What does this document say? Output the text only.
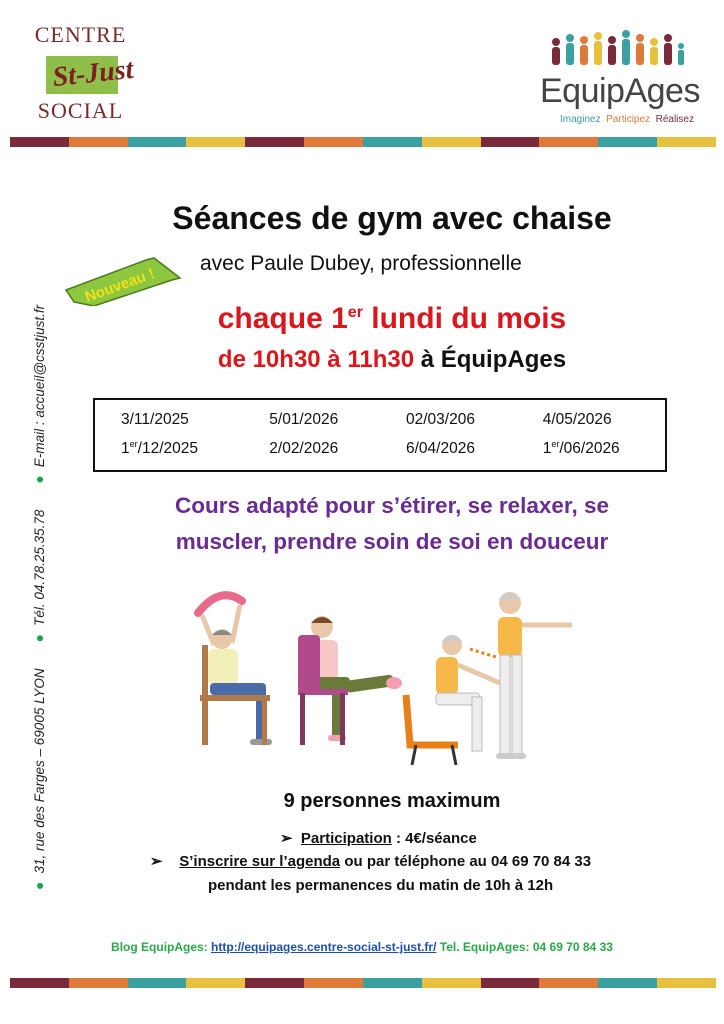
CENTRE
St-Just
SOCIAL
EquipAges
Imaginez Participez Réalisez
●
31, rue des Farges – 69005 LYON
●
Tél. 04.78.25.35.78
●
E-mail : accueil@csstjust.fr
Séances de gym avec chaise
avec Paule Dubey, professionnelle
Nouveau !
chaque 1er lundi du mois
de 10h30 à 11h30 à ÉquipAges
3/11/2025	5/01/2026	02/03/206	4/05/2026
1er/12/2025	2/02/2026	6/04/2026	1er/06/2026
Cours adapté pour s’étirer, se relaxer, se
muscler, prendre soin de soi en douceur
9 personnes maximum
➢ Participation : 4€/séance
➢ S’inscrire sur l’agenda ou par téléphone au 04 69 70 84 33
pendant les permanences du matin de 10h à 12h
Blog EquipAges: http://equipages.centre-social-st-just.fr/ Tel. EquipAges: 04 69 70 84 33
